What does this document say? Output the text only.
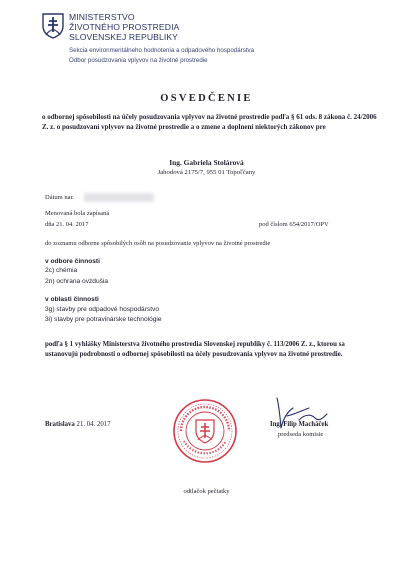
MINISTERSTVO
ŽIVOTNÉHO PROSTREDIA
SLOVENSKEJ REPUBLIKY
Sekcia environmentálneho hodnotenia a odpadového hospodárstva
Odbor posudzovania vplyvov na životné prostredie
OSVEDČENIE
o odbornej spôsobilosti na účely posudzovania vplyvov na životné prostredie podľa § 61 ods. 8 zákona č. 24/2006 Z. z. o posudzovaní vplyvov na životné prostredie a o zmene a doplnení niektorých zákonov pre
Ing. Gabriela Stolárová
Jahodová 2175/7, 955 01 Topoľčany
Dátum nar.
Menovaná bola zapísaná
dňa 21. 04. 2017	pod číslom 654/2017/OPV
do zoznamu odborne spôsobilých osôb na posudzovanie vplyvov na životné prostredie
v odbore činnosti
2c) chémia
2n) ochrana ovzdušia
v oblasti činnosti
3g) stavby pre odpadové hospodárstvo
3i) stavby pre potravinárske technológie
podľa § 1 vyhlášky Ministerstva životného prostredia Slovenskej republiky č. 113/2006 Z. z., ktorou sa ustanovujú podrobnosti o odbornej spôsobilosti na účely posudzovania vplyvov na životné prostredie.
Bratislava 21. 04. 2017	Ing. Filip Macháček
predseda komisie
odtlačok pečiatky
